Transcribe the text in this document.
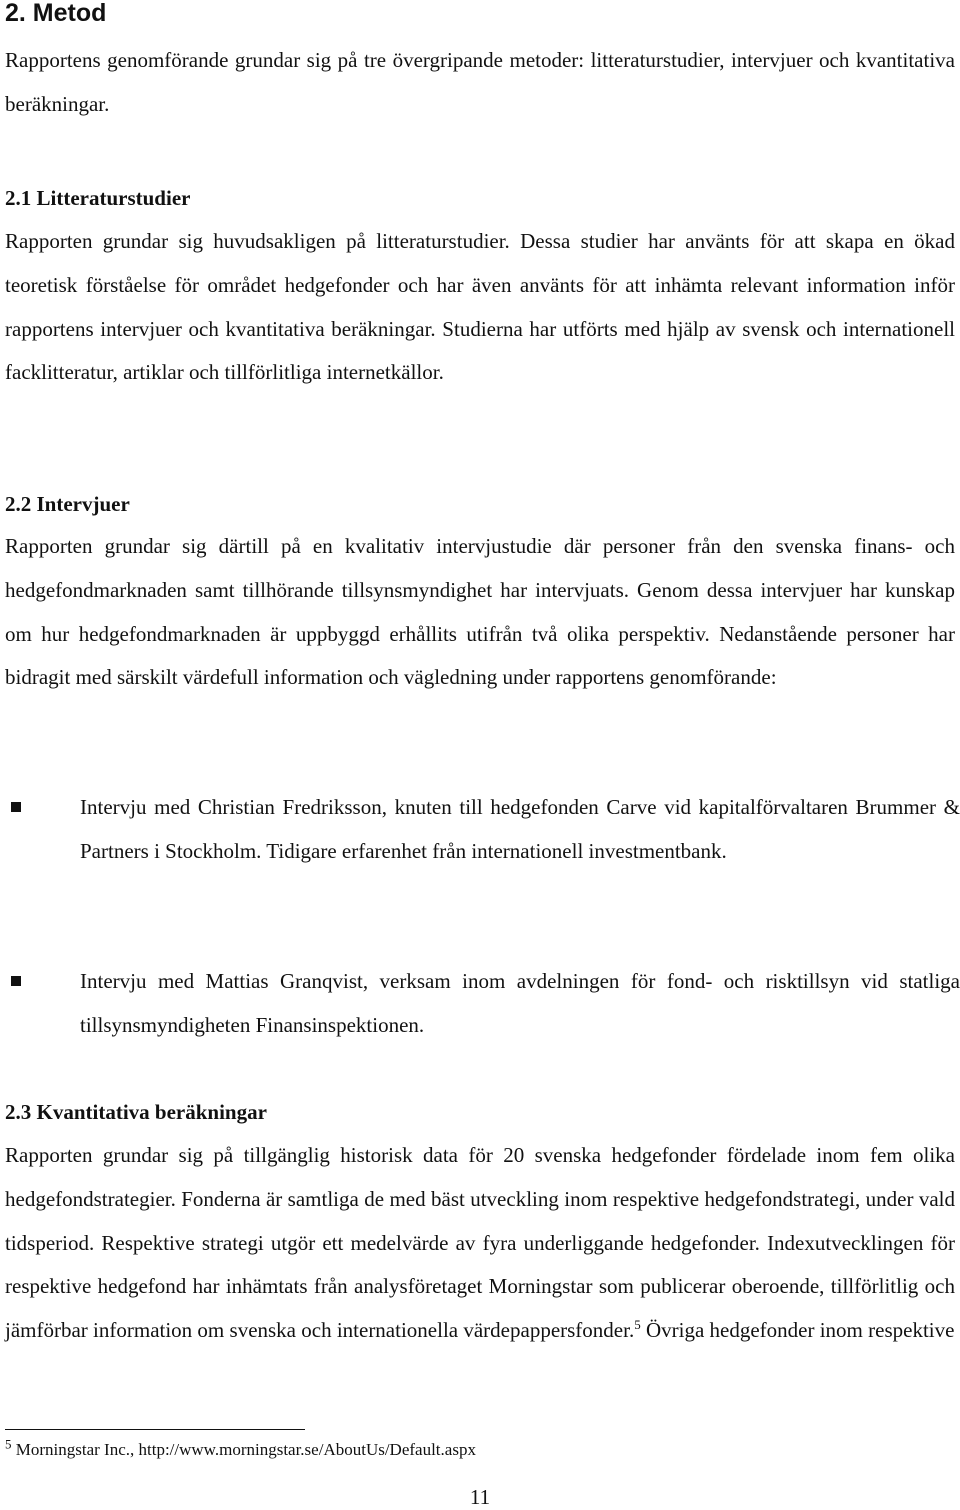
2. Metod
Rapportens genomförande grundar sig på tre övergripande metoder: litteraturstudier, intervjuer och kvantitativa beräkningar.
2.1 Litteraturstudier
Rapporten grundar sig huvudsakligen på litteraturstudier. Dessa studier har använts för att skapa en ökad teoretisk förståelse för området hedgefonder och har även använts för att inhämta relevant information inför rapportens intervjuer och kvantitativa beräkningar. Studierna har utförts med hjälp av svensk och internationell facklitteratur, artiklar och tillförlitliga internetkällor.
2.2 Intervjuer
Rapporten grundar sig därtill på en kvalitativ intervjustudie där personer från den svenska finans- och hedgefondmarknaden samt tillhörande tillsynsmyndighet har intervjuats. Genom dessa intervjuer har kunskap om hur hedgefondmarknaden är uppbyggd erhållits utifrån två olika perspektiv. Nedanstående personer har bidragit med särskilt värdefull information och vägledning under rapportens genomförande:
Intervju med Christian Fredriksson, knuten till hedgefonden Carve vid kapitalförvaltaren Brummer & Partners i Stockholm. Tidigare erfarenhet från internationell investmentbank.
Intervju med Mattias Granqvist, verksam inom avdelningen för fond- och risktillsyn vid statliga tillsynsmyndigheten Finansinspektionen.
2.3 Kvantitativa beräkningar
Rapporten grundar sig på tillgänglig historisk data för 20 svenska hedgefonder fördelade inom fem olika hedgefondstrategier. Fonderna är samtliga de med bäst utveckling inom respektive hedgefondstrategi, under vald tidsperiod. Respektive strategi utgör ett medelvärde av fyra underliggande hedgefonder. Indexutvecklingen för respektive hedgefond har inhämtats från analysföretaget Morningstar som publicerar oberoende, tillförlitlig och jämförbar information om svenska och internationella värdepappersfonder.$^5$ Övriga hedgefonder inom respektive
$^5$ Morningstar Inc., http://www.morningstar.se/AboutUs/Default.aspx
11
